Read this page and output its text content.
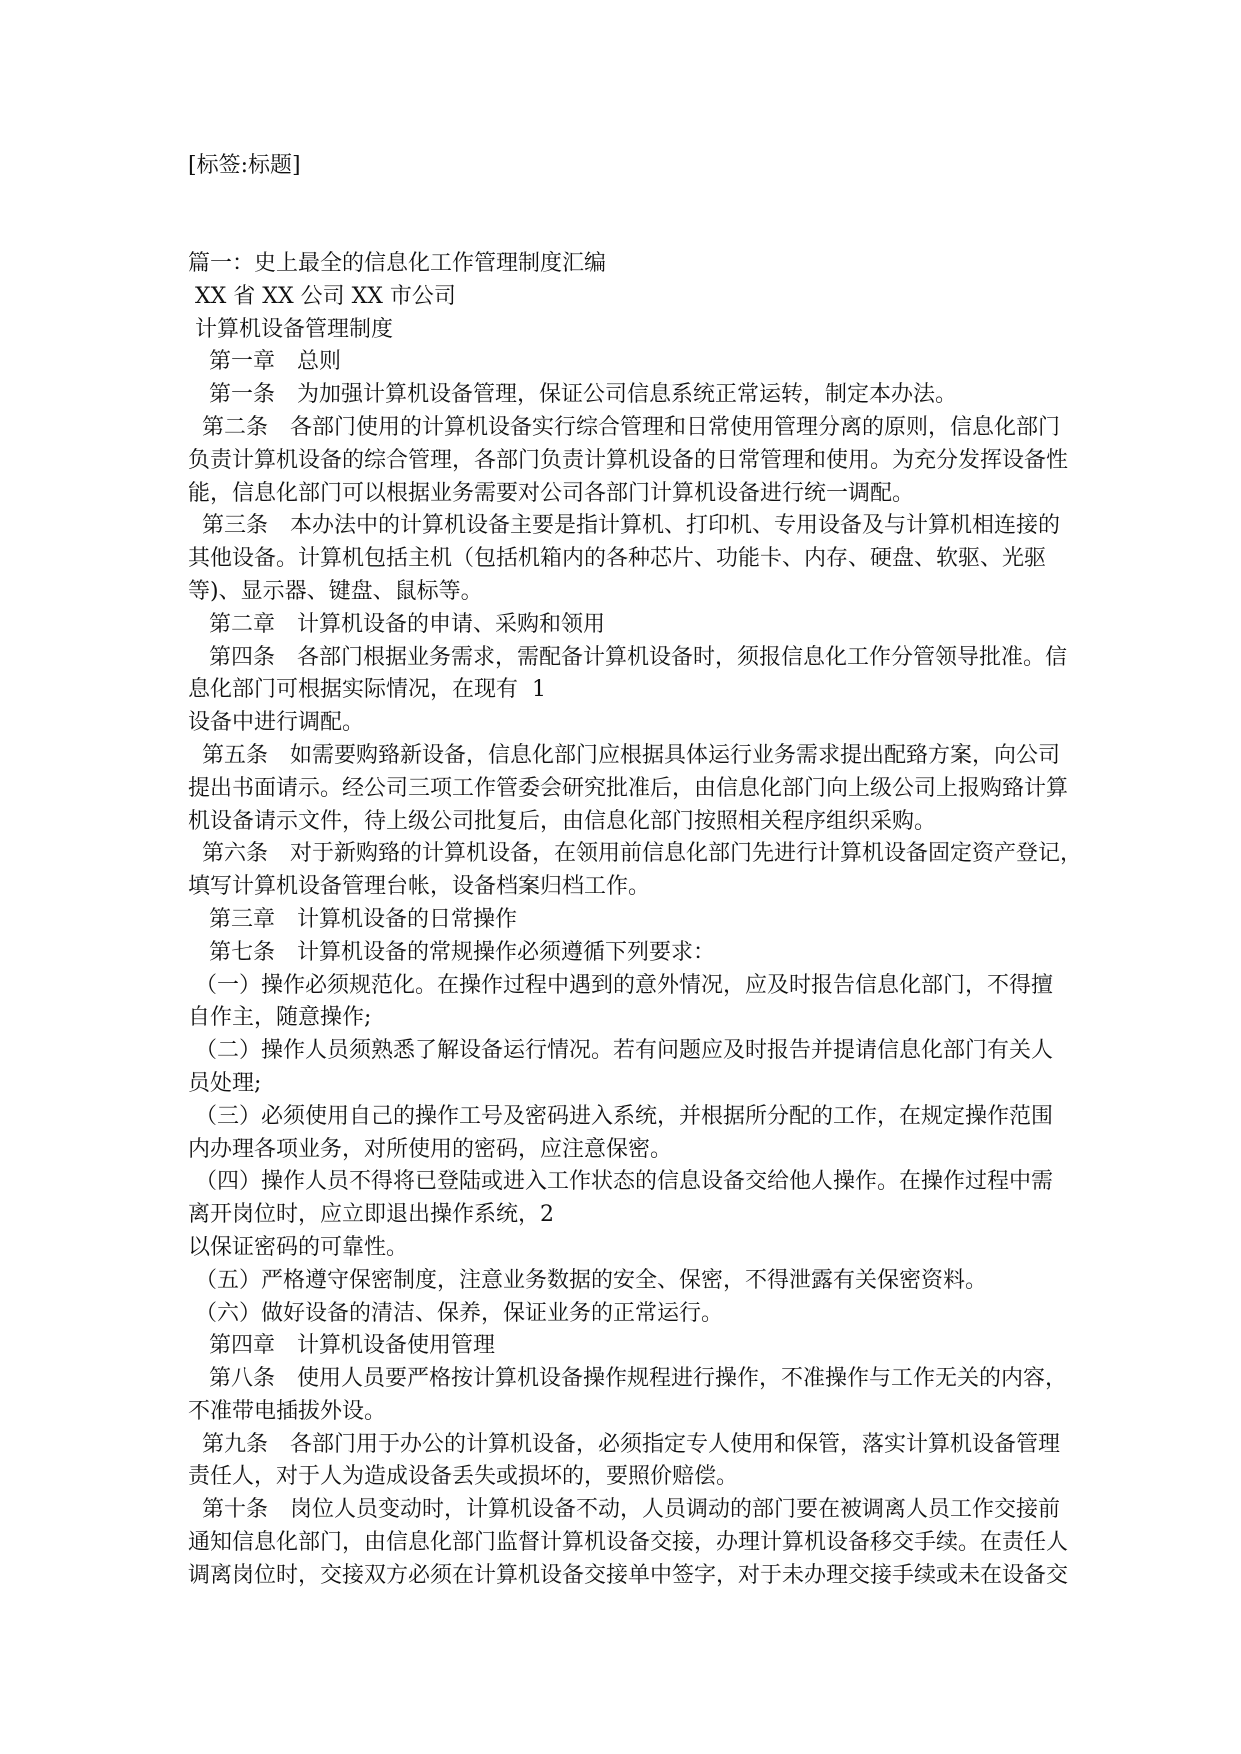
[标签:标题]
篇一：史上最全的信息化工作管理制度汇编
XX 省 XX 公司 XX 市公司
计算机设备管理制度
第一章　总则
第一条　为加强计算机设备管理，保证公司信息系统正常运转，制定本办法。
第二条　各部门使用的计算机设备实行综合管理和日常使用管理分离的原则，信息化部门
负责计算机设备的综合管理，各部门负责计算机设备的日常管理和使用。为充分发挥设备性
能，信息化部门可以根据业务需要对公司各部门计算机设备进行统一调配。
第三条　本办法中的计算机设备主要是指计算机、打印机、专用设备及与计算机相连接的
其他设备。计算机包括主机（包括机箱内的各种芯片、功能卡、内存、硬盘、软驱、光驱
等)、显示器、键盘、鼠标等。
第二章　计算机设备的申请、采购和领用
第四条　各部门根据业务需求，需配备计算机设备时，须报信息化工作分管领导批准。信
息化部门可根据实际情况，在现有  1
设备中进行调配。
第五条　如需要购臵新设备，信息化部门应根据具体运行业务需求提出配臵方案，向公司
提出书面请示。经公司三项工作管委会研究批准后，由信息化部门向上级公司上报购臵计算
机设备请示文件，待上级公司批复后，由信息化部门按照相关程序组织采购。
第六条　对于新购臵的计算机设备，在领用前信息化部门先进行计算机设备固定资产登记，
填写计算机设备管理台帐，设备档案归档工作。
第三章　计算机设备的日常操作
第七条　计算机设备的常规操作必须遵循下列要求：
（一）操作必须规范化。在操作过程中遇到的意外情况，应及时报告信息化部门，不得擅
自作主，随意操作;
（二）操作人员须熟悉了解设备运行情况。若有问题应及时报告并提请信息化部门有关人
员处理;
（三）必须使用自己的操作工号及密码进入系统，并根据所分配的工作，在规定操作范围
内办理各项业务，对所使用的密码，应注意保密。
（四）操作人员不得将已登陆或进入工作状态的信息设备交给他人操作。在操作过程中需
离开岗位时，应立即退出操作系统，2
以保证密码的可靠性。
（五）严格遵守保密制度，注意业务数据的安全、保密，不得泄露有关保密资料。
（六）做好设备的清洁、保养，保证业务的正常运行。
第四章　计算机设备使用管理
第八条　使用人员要严格按计算机设备操作规程进行操作，不准操作与工作无关的内容，
不准带电插拔外设。
第九条　各部门用于办公的计算机设备，必须指定专人使用和保管，落实计算机设备管理
责任人，对于人为造成设备丢失或损坏的，要照价赔偿。
第十条　岗位人员变动时，计算机设备不动，人员调动的部门要在被调离人员工作交接前
通知信息化部门，由信息化部门监督计算机设备交接，办理计算机设备移交手续。在责任人
调离岗位时，交接双方必须在计算机设备交接单中签字，对于未办理交接手续或未在设备交
